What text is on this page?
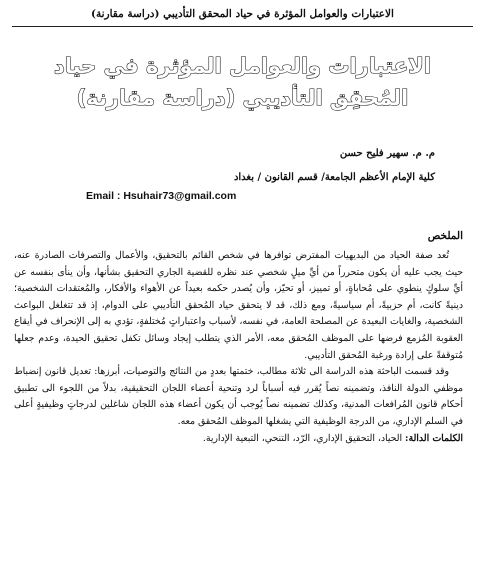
الاعتبارات والعوامل المؤثرة في حياد المحقق التأديبي (دراسة مقارنة)
الاعتبارات والعوامل المؤثرة في حياد
المُحقِق التأديبي (دراسة مقارنة)
م. م. سهير فليح حسن
كلية الإمام الأعظم الجامعة/ قسم القانون / بغداد
Email : Hsuhair73@gmail.com
الملخص

تُعد صفة الحياد من البديهيات المفترض توافرها في شخص القائم بالتحقيق، والأعمال والتصرفات الصادرة عنه، حيث يجب عليه أن يكون متحرراً من أيِّ ميلٍ شخصي عند نظره للقضية الجاري التحقيق بشأنها، وأن ينأى بنفسه عن أيِّ سلوكٍ ينطوي على مُحاباةٍ، أو تمييز، أو تحيّز، وأن يُصدر حكمه بعيداً عن الأهواء والأفكار، والمُعتقدات الشخصية؛ دينيةً كانت، أم حزبيةً، أم سياسيةً، ومع ذلك، قد لا يتحقق حياد المُحقق التأديبي على الدوام، إذ قد تتغلغل البواعث الشخصية، والغايات البعيدة عن المصلحة العامة، في نفسه، لأسباب واعتباراتٍ مُختلفةٍ، تؤدي به إلى الإنحراف في أيقاع العقوبة المُزمع فرضها على الموظف المُحقق معه، الأمر الذي يتطلب إيجاد وسائل تكفل تحقيق الحيدة، وعدم جعلها مُتوقفةً على إرادة ورغبة المُحقق التأديبي.

وقد قسمت الباحثة هذه الدراسة الى ثلاثة مطالب، ختمتها بعددٍ من النتائج والتوصيات، أبرزها: تعديل قانون إنضباط موظفي الدولة النافذ، وتضمينه نصاً يُقرر فيه أسباباً لرد وتنحية أعضاء اللجان التحقيقية، بدلاً من اللجوء الى تطبيق أحكام قانون المُرافعات المدنية، وكذلك تضمينه نصاً يُوجب أن يكون أعضاء هذه اللجان شاغلين لدرجاتٍ وظيفيةٍ أعلى في السلم الإداري، من الدرجة الوظيفية التي يشغلها الموظف المُحقق معه.

الكلمات الدالة: الحياد، التحقيق الإداري، الرّد، التنحي، التبعية الإدارية.
